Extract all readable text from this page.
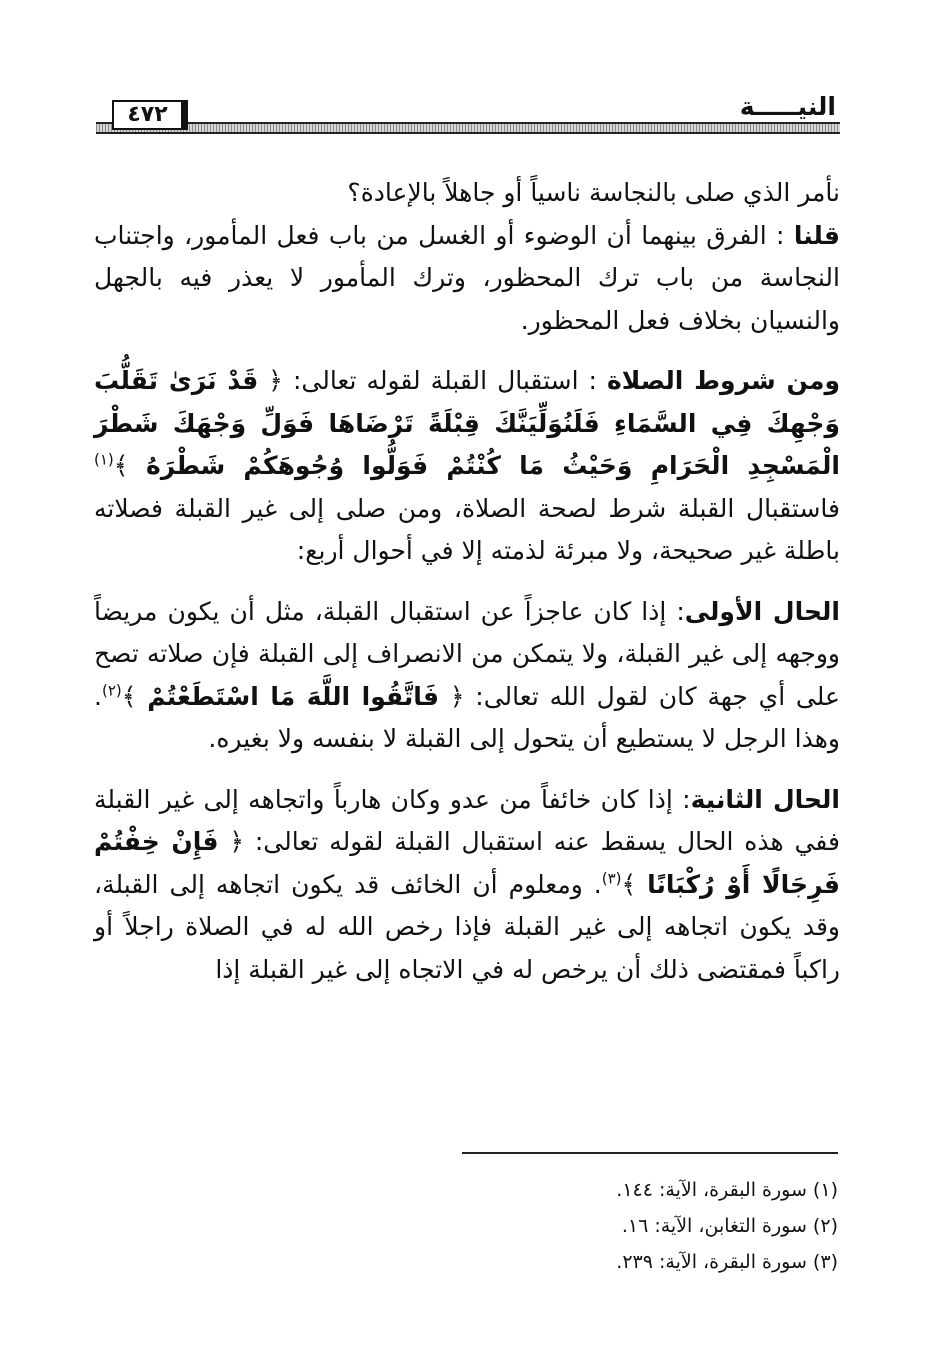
النيـــــة
٤٧٢

نأمر الذي صلى بالنجاسة ناسياً أو جاهلاً بالإعادة؟

قلنا : الفرق بينهما أن الوضوء أو الغسل من باب فعل المأمور، واجتناب النجاسة من باب ترك المحظور، وترك المأمور لا يعذر فيه بالجهل والنسيان بخلاف فعل المحظور.

ومن شروط الصلاة : استقبال القبلة لقوله تعالى: ﴿ قَدْ نَرَىٰ تَقَلُّبَ وَجْهِكَ فِي السَّمَاءِ فَلَنُوَلِّيَنَّكَ قِبْلَةً تَرْضَاهَا فَوَلِّ وَجْهَكَ شَطْرَ الْمَسْجِدِ الْحَرَامِ وَحَيْثُ مَا كُنْتُمْ فَوَلُّوا وُجُوهَكُمْ شَطْرَهُ ﴾$^{(١)}$ فاستقبال القبلة شرط لصحة الصلاة، ومن صلى إلى غير القبلة فصلاته باطلة غير صحيحة، ولا مبرئة لذمته إلا في أحوال أربع:

الحال الأولى: إذا كان عاجزاً عن استقبال القبلة، مثل أن يكون مريضاً ووجهه إلى غير القبلة، ولا يتمكن من الانصراف إلى القبلة فإن صلاته تصح على أي جهة كان لقول الله تعالى: ﴿ فَاتَّقُوا اللَّهَ مَا اسْتَطَعْتُمْ ﴾$^{(٢)}$. وهذا الرجل لا يستطيع أن يتحول إلى القبلة لا بنفسه ولا بغيره.

الحال الثانية: إذا كان خائفاً من عدو وكان هارباً واتجاهه إلى غير القبلة ففي هذه الحال يسقط عنه استقبال القبلة لقوله تعالى: ﴿ فَإِنْ خِفْتُمْ فَرِجَالًا أَوْ رُكْبَانًا ﴾$^{(٣)}$. ومعلوم أن الخائف قد يكون اتجاهه إلى القبلة، وقد يكون اتجاهه إلى غير القبلة فإذا رخص الله له في الصلاة راجلاً أو راكباً فمقتضى ذلك أن يرخص له في الاتجاه إلى غير القبلة إذا

(١) سورة البقرة، الآية: ١٤٤.
(٢) سورة التغابن، الآية: ١٦.
(٣) سورة البقرة، الآية: ٢٣٩.
